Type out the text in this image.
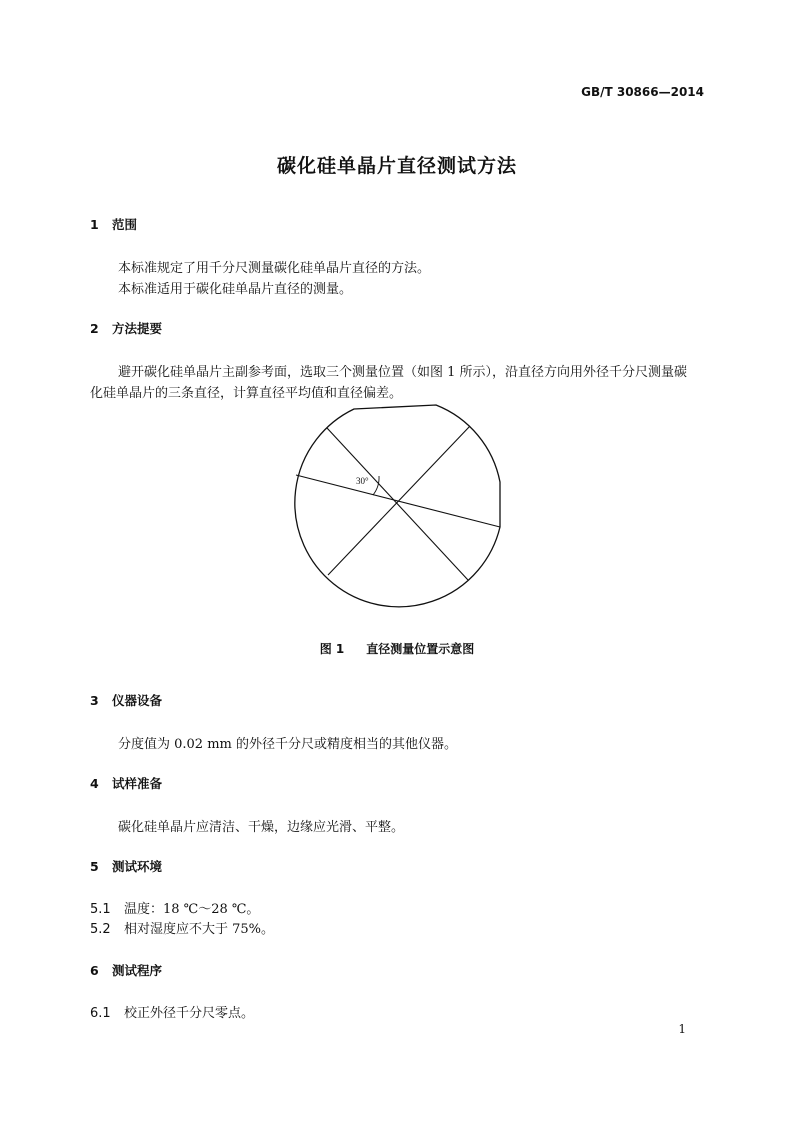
GB/T 30866—2014
碳化硅单晶片直径测试方法
1 范围
本标准规定了用千分尺测量碳化硅单晶片直径的方法。
本标准适用于碳化硅单晶片直径的测量。
2 方法提要
避开碳化硅单晶片主副参考面，选取三个测量位置（如图 1 所示），沿直径方向用外径千分尺测量碳
化硅单晶片的三条直径，计算直径平均值和直径偏差。
30°
图 1 直径测量位置示意图
3 仪器设备
分度值为 0.02 mm 的外径千分尺或精度相当的其他仪器。
4 试样准备
碳化硅单晶片应清洁、干燥，边缘应光滑、平整。
5 测试环境
5.1 温度：18 ℃～28 ℃。
5.2 相对湿度应不大于 75%。
6 测试程序
6.1 校正外径千分尺零点。
1
